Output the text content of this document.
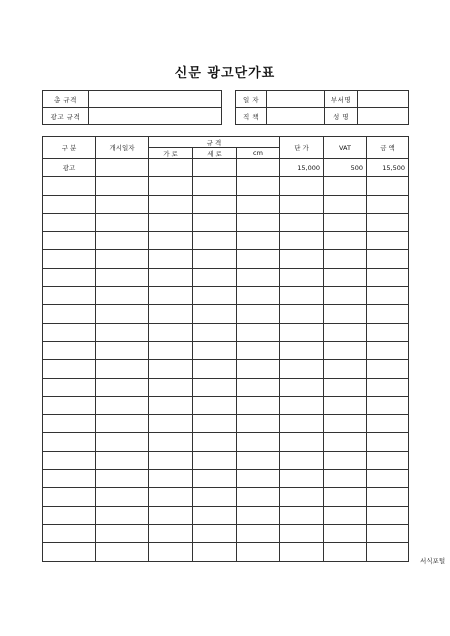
신문 광고단가표
총 규격	
광고 규격	
일 자		부서명	
직 책		성 명	
구 분	개시일자	규 격			단 가	VAT	금 액
		가 로	세 로	cm			
광고					15,000	500	15,500

서식포털
